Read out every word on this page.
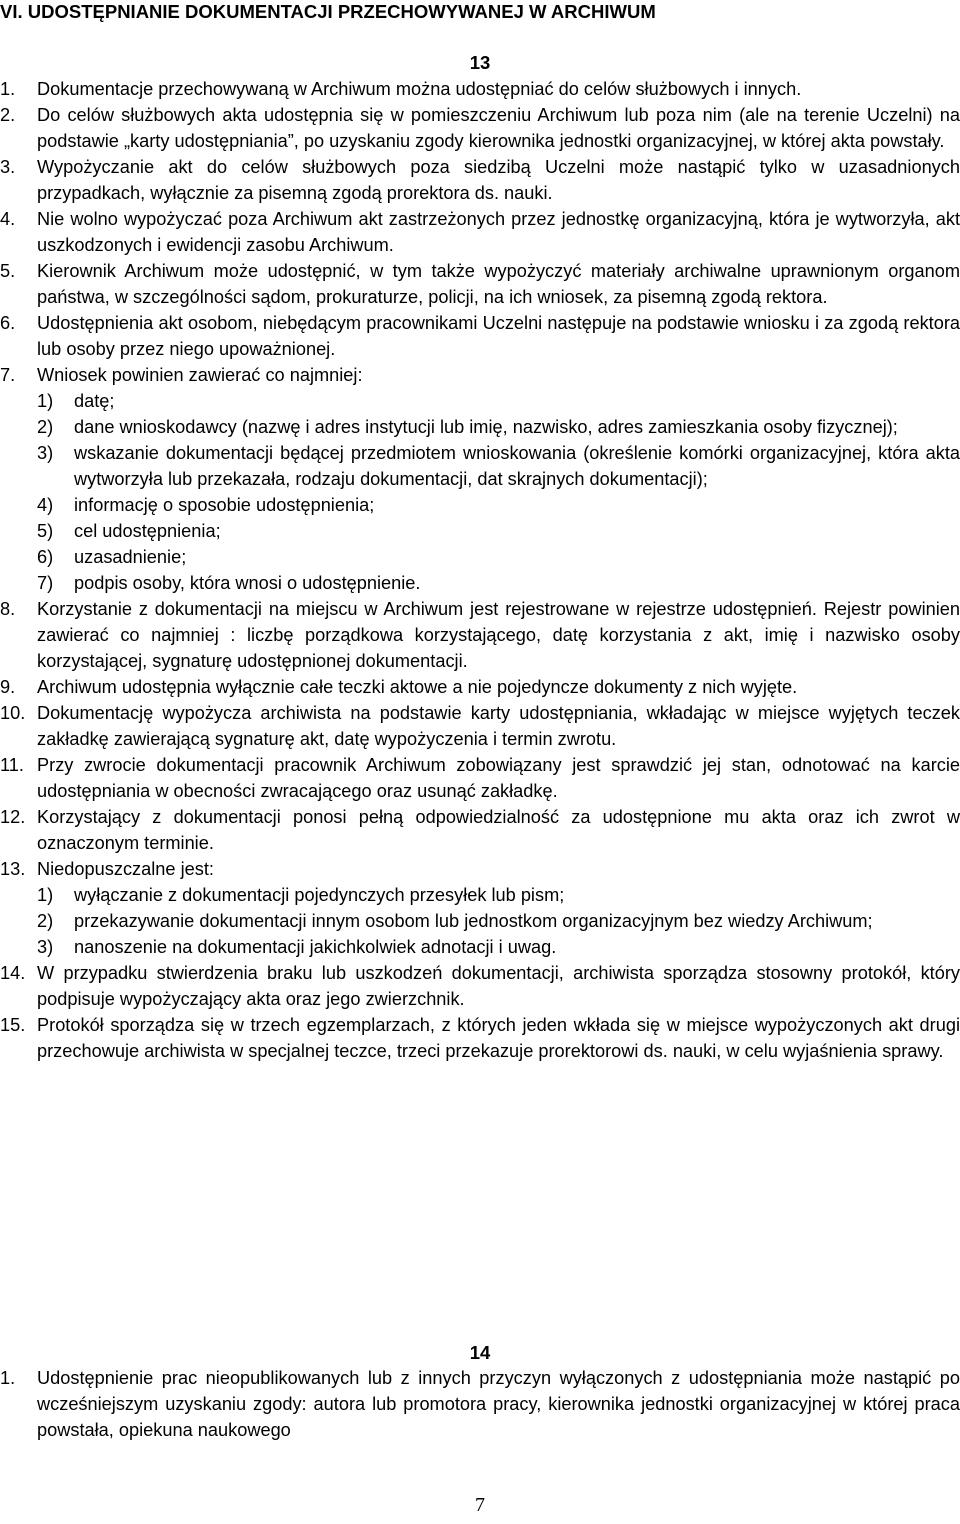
VI. UDOSTĘPNIANIE DOKUMENTACJI PRZECHOWYWANEJ W ARCHIWUM
13
1. Dokumentacje przechowywaną w Archiwum można udostępniać do celów służbowych i innych.
2. Do celów służbowych akta udostępnia się w pomieszczeniu Archiwum lub poza nim (ale na terenie Uczelni) na podstawie „karty udostępniania”, po uzyskaniu zgody kierownika jednostki organizacyjnej, w której akta powstały.
3. Wypożyczanie akt do celów służbowych poza siedzibą Uczelni może nastąpić tylko w uzasadnionych przypadkach, wyłącznie za pisemną zgodą prorektora ds. nauki.
4. Nie wolno wypożyczać poza Archiwum akt zastrzeżonych przez jednostkę organizacyjną, która je wytworzyła, akt uszkodzonych i ewidencji zasobu Archiwum.
5. Kierownik Archiwum może udostępnić, w tym także wypożyczyć materiały archiwalne uprawnionym organom państwa, w szczególności sądom, prokuraturze, policji, na ich wniosek, za pisemną zgodą rektora.
6. Udostępnienia akt osobom, niebędącym pracownikami Uczelni następuje na podstawie wniosku i za zgodą rektora lub osoby przez niego upoważnionej.
7. Wniosek powinien zawierać co najmniej:
1) datę;
2) dane wnioskodawcy (nazwę i adres instytucji lub imię, nazwisko, adres zamieszkania osoby fizycznej);
3) wskazanie dokumentacji będącej przedmiotem wnioskowania (określenie komórki organizacyjnej, która akta wytworzyła lub przekazała, rodzaju dokumentacji, dat skrajnych dokumentacji);
4) informację o sposobie udostępnienia;
5) cel udostępnienia;
6) uzasadnienie;
7) podpis osoby, która wnosi o udostępnienie.
8. Korzystanie z dokumentacji na miejscu w Archiwum jest rejestrowane w rejestrze udostępnień. Rejestr powinien zawierać co najmniej : liczbę porządkowa korzystającego, datę korzystania z akt, imię i nazwisko osoby korzystającej, sygnaturę udostępnionej dokumentacji.
9. Archiwum udostępnia wyłącznie całe teczki aktowe a nie pojedyncze dokumenty z nich wyjęte.
10. Dokumentację wypożycza archiwista na podstawie karty udostępniania, wkładając w miejsce wyjętych teczek zakładkę zawierającą sygnaturę akt, datę wypożyczenia i termin zwrotu.
11. Przy zwrocie dokumentacji pracownik Archiwum zobowiązany jest sprawdzić jej stan, odnotować na karcie udostępniania w obecności zwracającego oraz usunąć zakładkę.
12. Korzystający z dokumentacji ponosi pełną odpowiedzialność za udostępnione mu akta oraz ich zwrot w oznaczonym terminie.
13. Niedopuszczalne jest:
1) wyłączanie z dokumentacji pojedynczych przesyłek lub pism;
2) przekazywanie dokumentacji innym osobom lub jednostkom organizacyjnym bez wiedzy Archiwum;
3) nanoszenie na dokumentacji jakichkolwiek adnotacji i uwag.
14. W przypadku stwierdzenia braku lub uszkodzeń dokumentacji, archiwista sporządza stosowny protokół, który podpisuje wypożyczający akta oraz jego zwierzchnik.
15. Protokół sporządza się w trzech egzemplarzach, z których jeden wkłada się w miejsce wypożyczonych akt drugi przechowuje archiwista w specjalnej teczce, trzeci przekazuje prorektorowi ds. nauki, w celu wyjaśnienia sprawy.
14
1. Udostępnienie prac nieopublikowanych lub z innych przyczyn wyłączonych z udostępniania może nastąpić po wcześniejszym uzyskaniu zgody: autora lub promotora pracy, kierownika jednostki organizacyjnej w której praca powstała, opiekuna naukowego
7
